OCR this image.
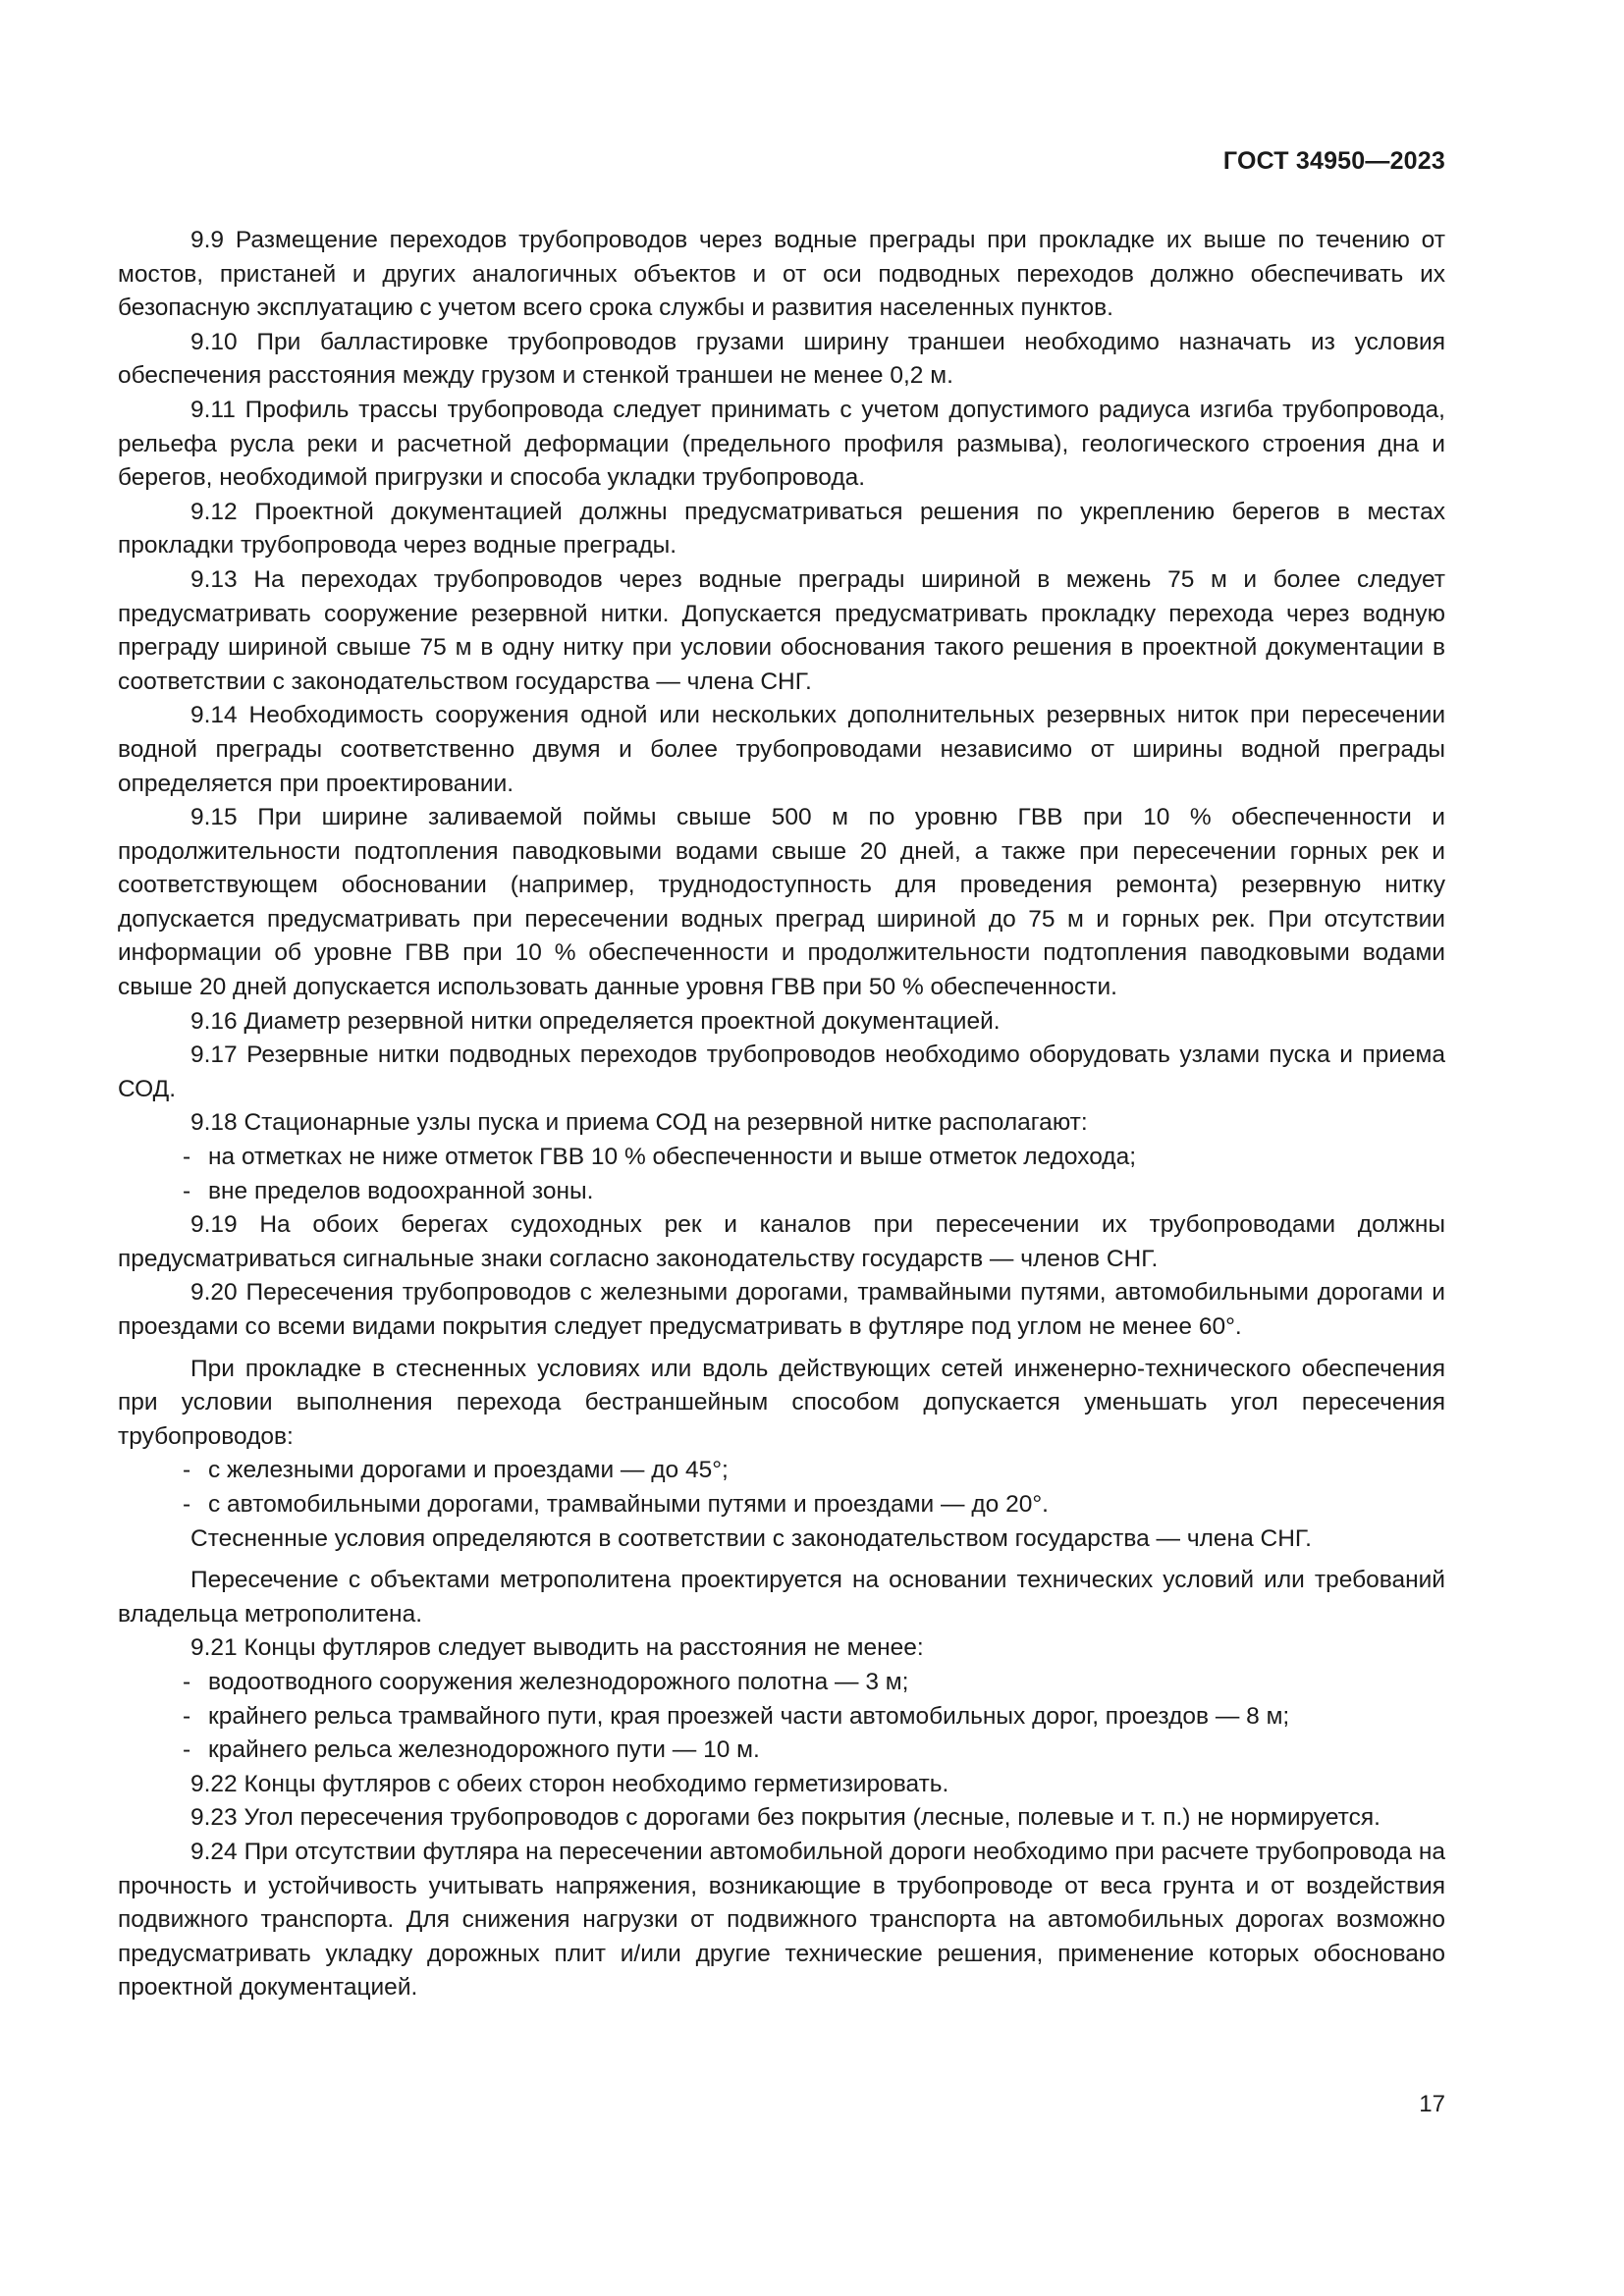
ГОСТ 34950—2023

9.9 Размещение переходов трубопроводов через водные преграды при прокладке их выше по течению от мостов, пристаней и других аналогичных объектов и от оси подводных переходов должно обеспечивать их безопасную эксплуатацию с учетом всего срока службы и развития населенных пунктов.

9.10 При балластировке трубопроводов грузами ширину траншеи необходимо назначать из условия обеспечения расстояния между грузом и стенкой траншеи не менее 0,2 м.

9.11 Профиль трассы трубопровода следует принимать с учетом допустимого радиуса изгиба трубопровода, рельефа русла реки и расчетной деформации (предельного профиля размыва), геологического строения дна и берегов, необходимой пригрузки и способа укладки трубопровода.

9.12 Проектной документацией должны предусматриваться решения по укреплению берегов в местах прокладки трубопровода через водные преграды.

9.13 На переходах трубопроводов через водные преграды шириной в межень 75 м и более следует предусматривать сооружение резервной нитки. Допускается предусматривать прокладку перехода через водную преграду шириной свыше 75 м в одну нитку при условии обоснования такого решения в проектной документации в соответствии с законодательством государства — члена СНГ.

9.14 Необходимость сооружения одной или нескольких дополнительных резервных ниток при пересечении водной преграды соответственно двумя и более трубопроводами независимо от ширины водной преграды определяется при проектировании.

9.15 При ширине заливаемой поймы свыше 500 м по уровню ГВВ при 10 % обеспеченности и продолжительности подтопления паводковыми водами свыше 20 дней, а также при пересечении горных рек и соответствующем обосновании (например, труднодоступность для проведения ремонта) резервную нитку допускается предусматривать при пересечении водных преград шириной до 75 м и горных рек. При отсутствии информации об уровне ГВВ при 10 % обеспеченности и продолжительности подтопления паводковыми водами свыше 20 дней допускается использовать данные уровня ГВВ при 50 % обеспеченности.

9.16 Диаметр резервной нитки определяется проектной документацией.

9.17 Резервные нитки подводных переходов трубопроводов необходимо оборудовать узлами пуска и приема СОД.

9.18 Стационарные узлы пуска и приема СОД на резервной нитке располагают:

- на отметках не ниже отметок ГВВ 10 % обеспеченности и выше отметок ледохода;

- вне пределов водоохранной зоны.

9.19 На обоих берегах судоходных рек и каналов при пересечении их трубопроводами должны предусматриваться сигнальные знаки согласно законодательству государств — членов СНГ.

9.20 Пересечения трубопроводов с железными дорогами, трамвайными путями, автомобильными дорогами и проездами со всеми видами покрытия следует предусматривать в футляре под углом не менее 60°.

При прокладке в стесненных условиях или вдоль действующих сетей инженерно-технического обеспечения при условии выполнения перехода бестраншейным способом допускается уменьшать угол пересечения трубопроводов:

- с железными дорогами и проездами — до 45°;

- с автомобильными дорогами, трамвайными путями и проездами — до 20°.

Стесненные условия определяются в соответствии с законодательством государства — члена СНГ.

Пересечение с объектами метрополитена проектируется на основании технических условий или требований владельца метрополитена.

9.21 Концы футляров следует выводить на расстояния не менее:

- водоотводного сооружения железнодорожного полотна — 3 м;

- крайнего рельса трамвайного пути, края проезжей части автомобильных дорог, проездов — 8 м;

- крайнего рельса железнодорожного пути — 10 м.

9.22 Концы футляров с обеих сторон необходимо герметизировать.

9.23 Угол пересечения трубопроводов с дорогами без покрытия (лесные, полевые и т. п.) не нормируется.

9.24 При отсутствии футляра на пересечении автомобильной дороги необходимо при расчете трубопровода на прочность и устойчивость учитывать напряжения, возникающие в трубопроводе от веса грунта и от воздействия подвижного транспорта. Для снижения нагрузки от подвижного транспорта на автомобильных дорогах возможно предусматривать укладку дорожных плит и/или другие технические решения, применение которых обосновано проектной документацией.

17
